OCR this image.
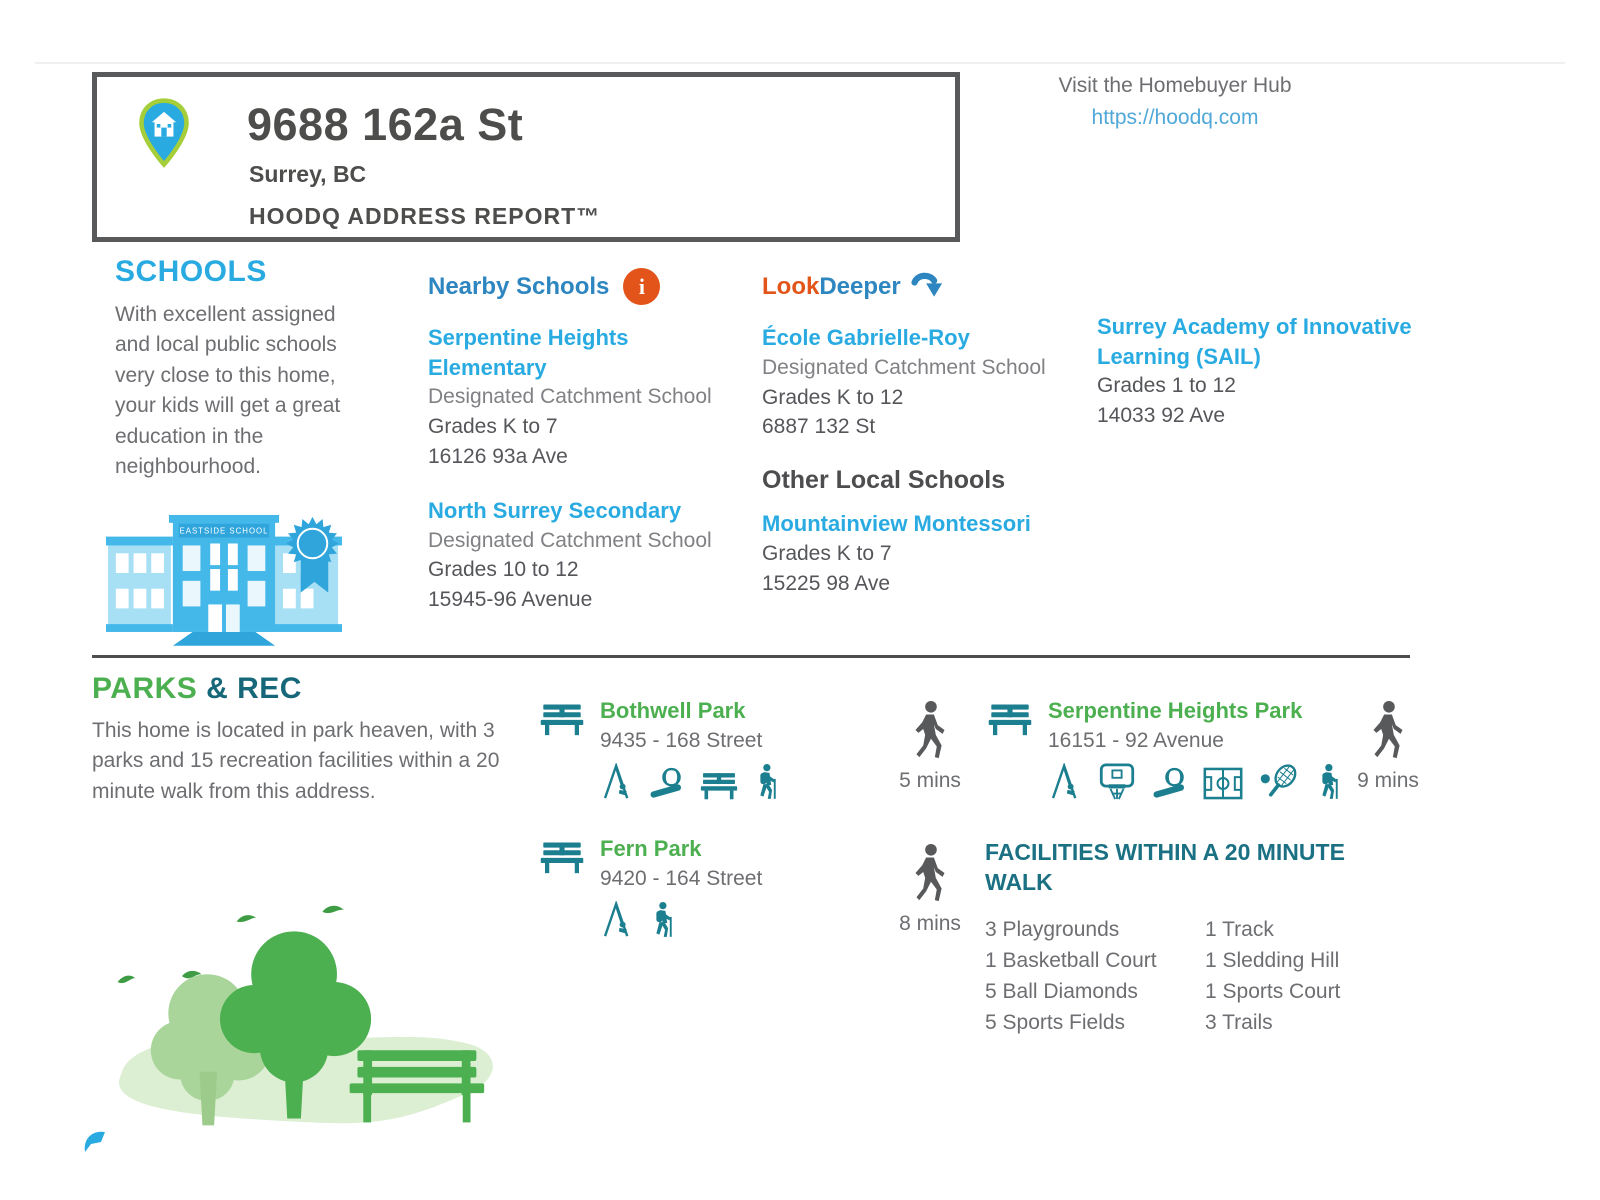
Visit the Homebuyer Hub
https://hoodq.com
9688 162a St
Surrey, BC
HOODQ ADDRESS REPORT™
SCHOOLS
With excellent assigned and local public schools very close to this home, your kids will get a great education in the neighbourhood.
EASTSIDE SCHOOL
Nearby Schools	i
Serpentine Heights Elementary
Designated Catchment School
Grades K to 7
16126 93a Ave
North Surrey Secondary
Designated Catchment School
Grades 10 to 12
15945-96 Avenue
Look Deeper
École Gabrielle-Roy
Designated Catchment School
Grades K to 12
6887 132 St
Other Local Schools
Mountainview Montessori
Grades K to 7
15225 98 Ave
Surrey Academy of Innovative Learning (SAIL)
Grades 1 to 12
14033 92 Ave
PARKS & REC
This home is located in park heaven, with 3 parks and 15 recreation facilities within a 20 minute walk from this address.
Bothwell Park
9435 - 168 Street
5 mins
Serpentine Heights Park
16151 - 92 Avenue
9 mins
Fern Park
9420 - 164 Street
8 mins
FACILITIES WITHIN A 20 MINUTE WALK
3 Playgrounds
1 Basketball Court
5 Ball Diamonds
5 Sports Fields
1 Track
1 Sledding Hill
1 Sports Court
3 Trails
